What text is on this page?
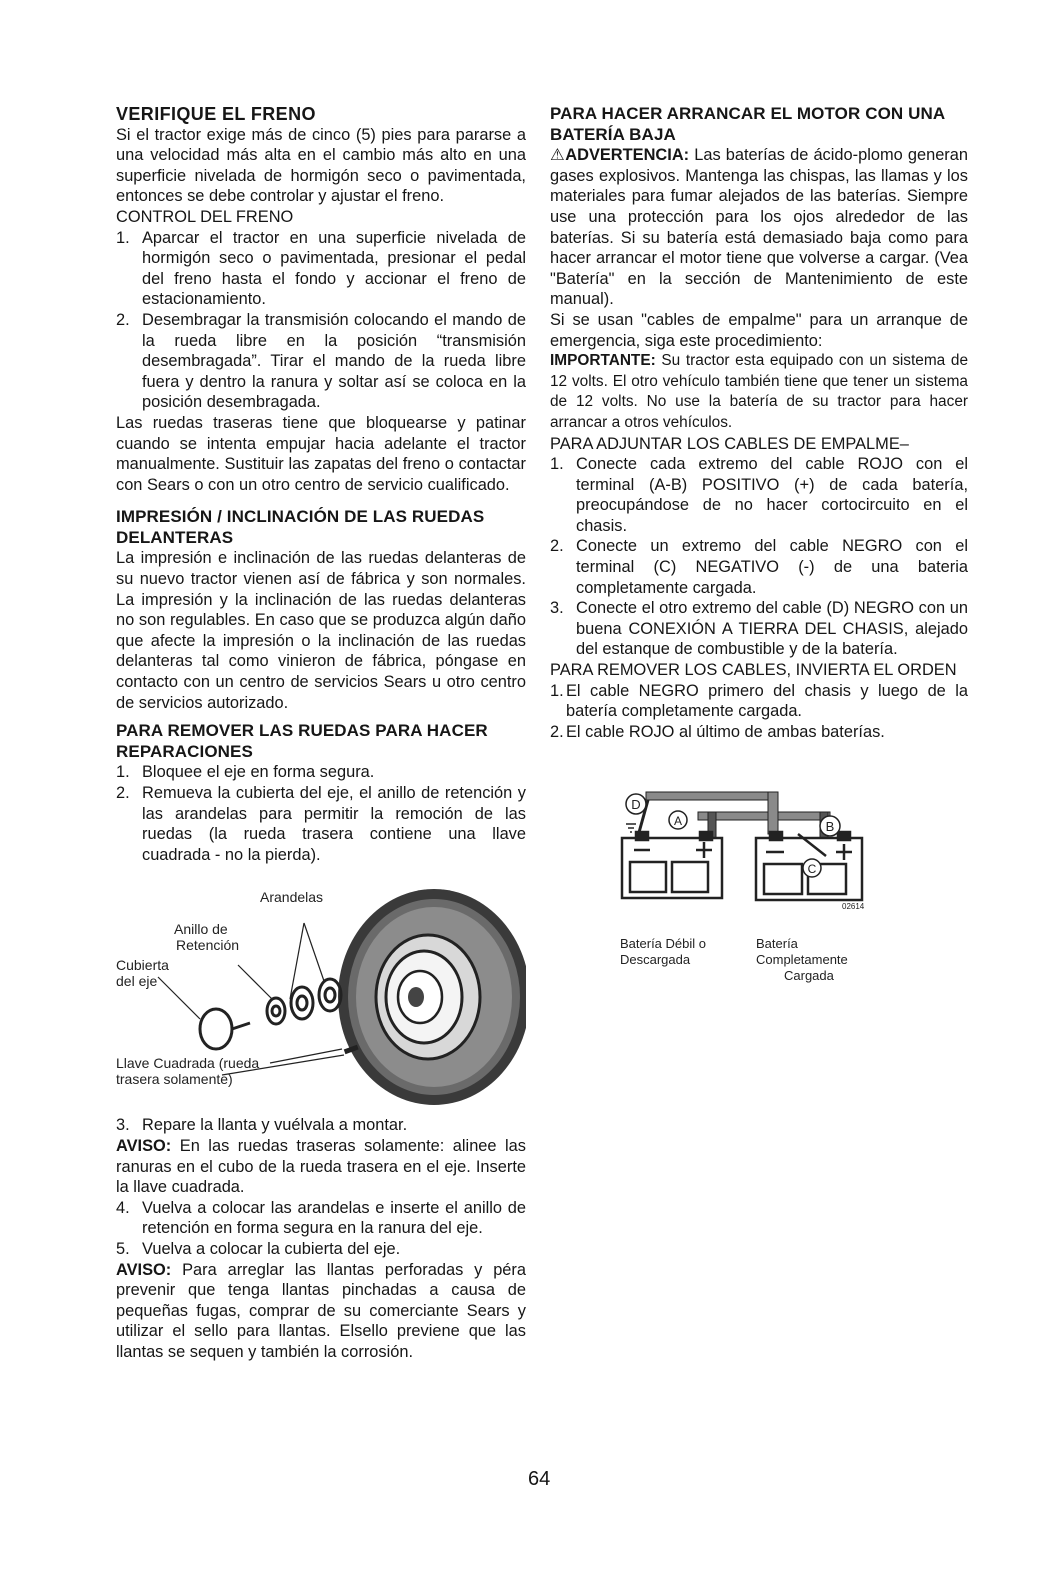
VERIFIQUE EL FRENO

Si el tractor exige más de cinco (5) pies para pararse a una velocidad más alta en el cambio más alto en una superficie nivelada de hormigón seco o pavimentada, entonces se debe controlar y ajustar el freno.

CONTROL DEL FRENO

1. Aparcar el tractor en una superficie nivelada de hormigón seco o pavimentada, presionar el pedal del freno hasta el fondo y accionar el freno de estacionamiento.
2. Desembragar la transmisión colocando el mando de la rueda libre en la posición “transmisión desembragada”. Tirar el mando de la rueda libre fuera y dentro la ranura y soltar así se coloca en la posición desembragada.

Las ruedas traseras tiene que bloquearse y patinar cuando se intenta empujar hacia adelante el tractor manualmente. Sustituir las zapatas del freno o contactar con Sears o con un otro centro de servicio cualificado.

IMPRESIÓN / INCLINACIÓN DE LAS RUEDAS DELANTERAS

La impresión e inclinación de las ruedas delanteras de su nuevo tractor vienen así de fábrica y son normales. La impresión y la inclinación de las ruedas delanteras no son regulables. En caso que se produzca algún daño que afecte la impresión o la inclinación de las ruedas delanteras tal como vinieron de fábrica, póngase en contacto con un centro de servicios Sears u otro centro de servicios autorizado.

PARA REMOVER LAS RUEDAS PARA HACER REPARACIONES
1. Bloquee el eje en forma segura.
2. Remueva la cubierta del eje, el anillo de retención y las arandelas para permitir la remoción de las ruedas (la rueda trasera contiene una llave cuadrada - no la pierda).
Arandelas
Anillo de
Retención
Cubierta
del eje
Llave Cuadrada (rueda
trasera solamente)
3. Repare la llanta y vuélvala a montar.

AVISO: En las ruedas traseras solamente: alinee las ranuras en el cubo de la rueda trasera en el eje. Inserte la llave cuadrada.

4. Vuelva a colocar las arandelas e inserte el anillo de retención en forma segura en la ranura del eje.
5. Vuelva a colocar la cubierta del eje.

AVISO: Para arreglar las llantas perforadas y péra prevenir que tenga llantas pinchadas a causa de pequeñas fugas, comprar de su comerciante Sears y utilizar el sello para llantas. Elsello previene que las llantas se sequen y también la corrosión.

PARA HACER ARRANCAR EL MOTOR CON UNA BATERÍA BAJA

⚠ADVERTENCIA: Las baterías de ácido-plomo generan gases explosivos. Mantenga las chispas, las llamas y los materiales para fumar alejados de las baterías. Siempre use una protección para los ojos alrededor de las baterías. Si su batería está demasiado baja como para hacer arrancar el motor tiene que volverse a cargar. (Vea "Batería" en la sección de Mantenimiento de este manual).

Si se usan "cables de empalme" para un arranque de emergencia, siga este procedimiento:

IMPORTANTE: Su tractor esta equipado con un sistema de 12 volts. El otro vehículo también tiene que tener un sistema de 12 volts. No use la batería de su tractor para hacer arrancar a otros vehículos.

PARA ADJUNTAR LOS CABLES DE EMPALME–

1. Conecte cada extremo del cable ROJO con el terminal (A-B) POSITIVO (+) de cada batería, preocupándose de no hacer cortocircuito en el chasis.
2. Conecte un extremo del cable NEGRO con el terminal (C) NEGATIVO (-) de una bateria completamente cargada.
3. Conecte el otro extremo del cable (D) NEGRO con un buena CONEXIÓN A TIERRA DEL CHASIS, alejado del estanque de combustible y de la batería.

PARA REMOVER LOS CABLES, INVIERTA EL ORDEN

1. El cable NEGRO primero del chasis y luego de la batería completamente cargada.
2. El cable ROJO al último de ambas baterías.
D
A	B
C
02614
Batería Débil o
Descargada
Batería
Completamente
Cargada
64
